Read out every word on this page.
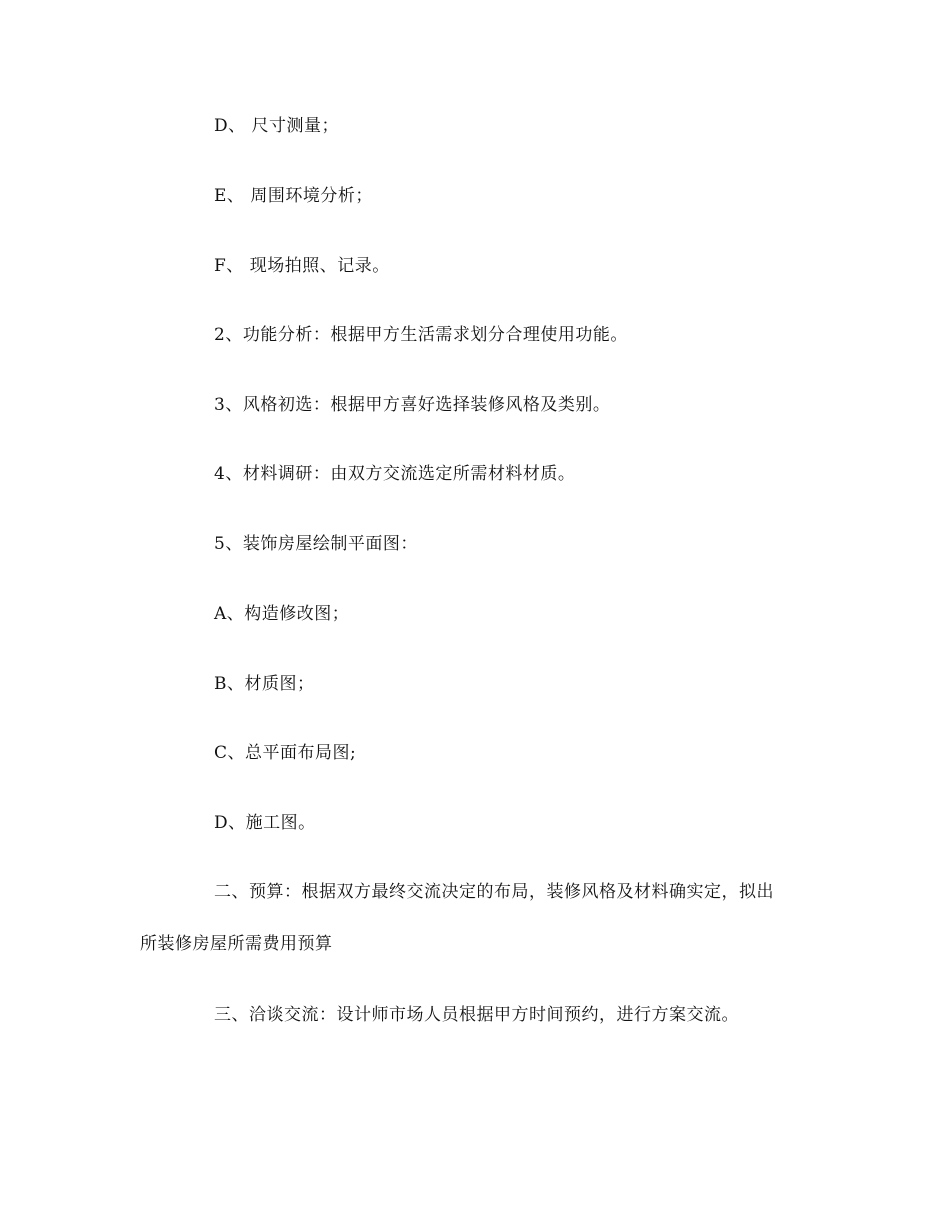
D、 尺寸测量；
E、 周围环境分析；
F、 现场拍照、记录。
2、功能分析：根据甲方生活需求划分合理使用功能。
3、风格初选：根据甲方喜好选择装修风格及类别。
4、材料调研：由双方交流选定所需材料材质。
5、装饰房屋绘制平面图：
A、构造修改图；
B、材质图；
C、总平面布局图;
D、施工图。
二、预算：根据双方最终交流决定的布局，装修风格及材料确实定，拟出
所装修房屋所需费用预算
三、洽谈交流：设计师市场人员根据甲方时间预约，进行方案交流。
